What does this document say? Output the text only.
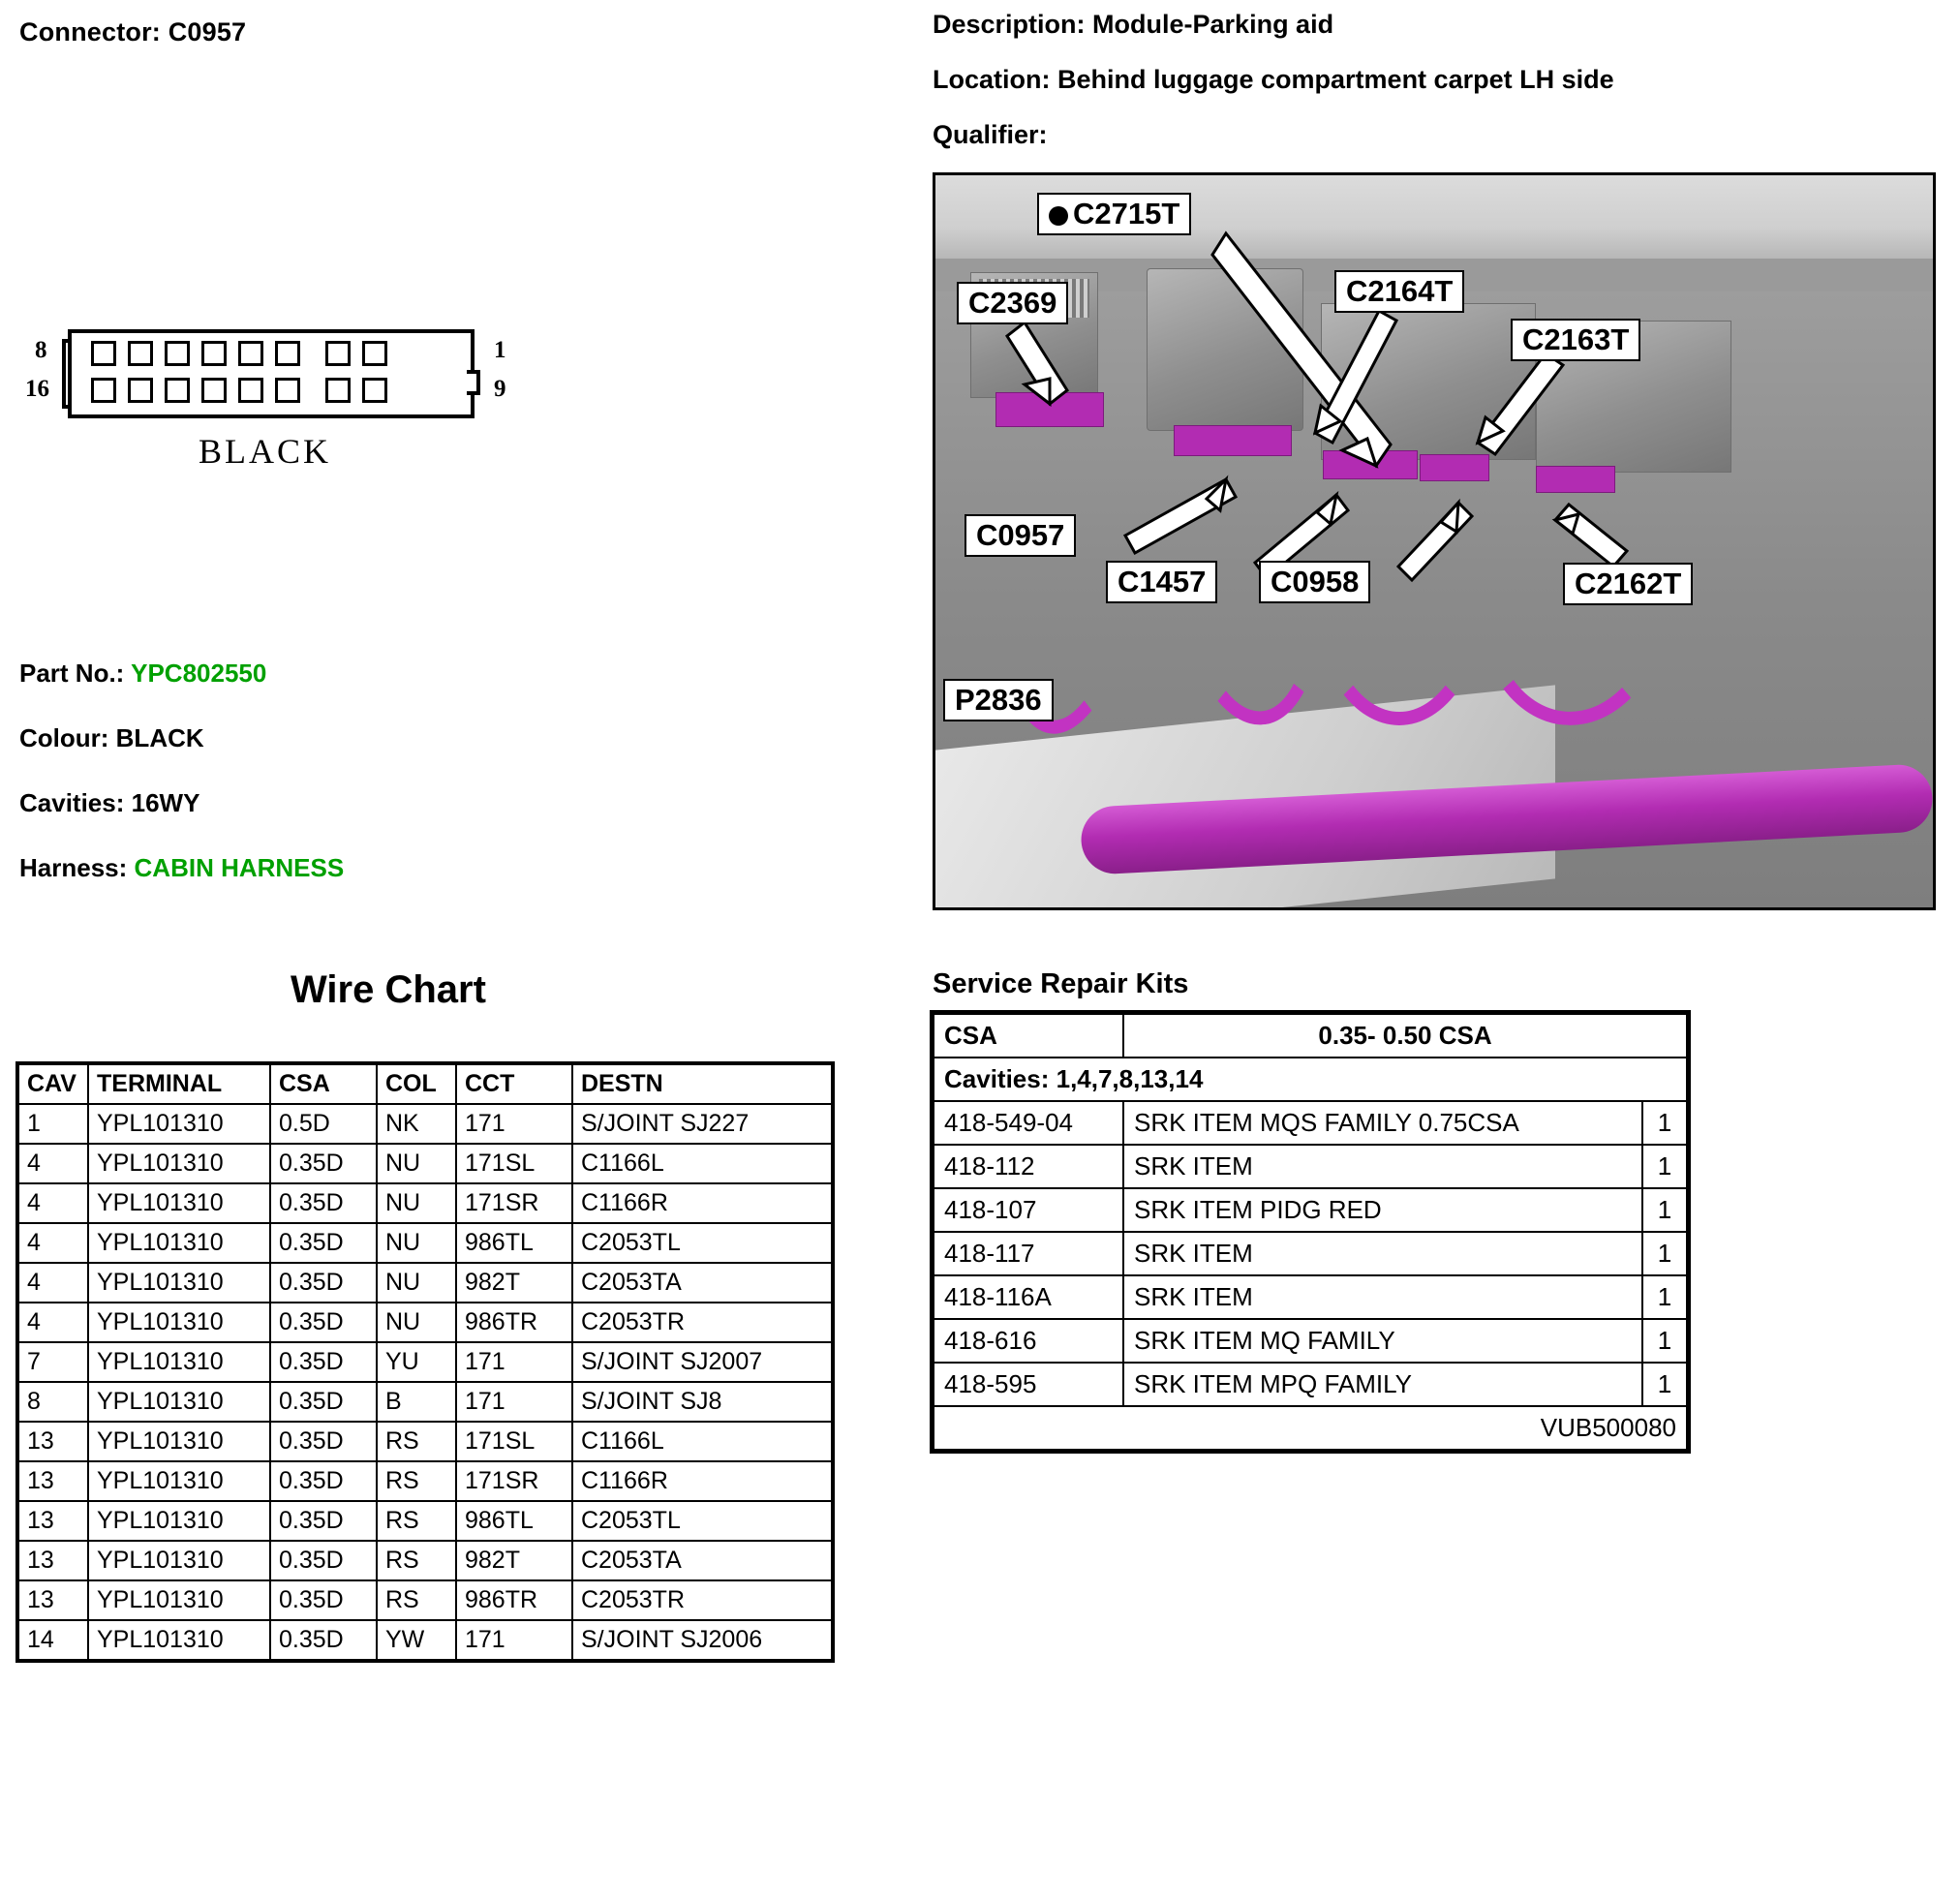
Connector: C0957
8
16
1
9
BLACK
Part No.: YPC802550
Colour: BLACK
Cavities: 16WY
Harness: CABIN HARNESS
Wire Chart
CAV	TERMINAL	CSA	COL	CCT	DESTN
1	YPL101310	0.5D	NK	171	S/JOINT SJ227
4	YPL101310	0.35D	NU	171SL	C1166L
4	YPL101310	0.35D	NU	171SR	C1166R
4	YPL101310	0.35D	NU	986TL	C2053TL
4	YPL101310	0.35D	NU	982T	C2053TA
4	YPL101310	0.35D	NU	986TR	C2053TR
7	YPL101310	0.35D	YU	171	S/JOINT SJ2007
8	YPL101310	0.35D	B	171	S/JOINT SJ8
13	YPL101310	0.35D	RS	171SL	C1166L
13	YPL101310	0.35D	RS	171SR	C1166R
13	YPL101310	0.35D	RS	986TL	C2053TL
13	YPL101310	0.35D	RS	982T	C2053TA
13	YPL101310	0.35D	RS	986TR	C2053TR
14	YPL101310	0.35D	YW	171	S/JOINT SJ2006
Description: Module-Parking aid
Location: Behind luggage compartment carpet LH side
Qualifier:
C2715T
C2369	C2164T
C2163T
C0957
C1457	C0958	C2162T
P2836
Service Repair Kits
CSA	0.35- 0.50 CSA	
Cavities: 1,4,7,8,13,14		
418-549-04	SRK ITEM MQS FAMILY 0.75CSA	1
418-112	SRK ITEM	1
418-107	SRK ITEM PIDG RED	1
418-117	SRK ITEM	1
418-116A	SRK ITEM	1
418-616	SRK ITEM MQ FAMILY	1
418-595	SRK ITEM MPQ FAMILY	1
VUB500080		
